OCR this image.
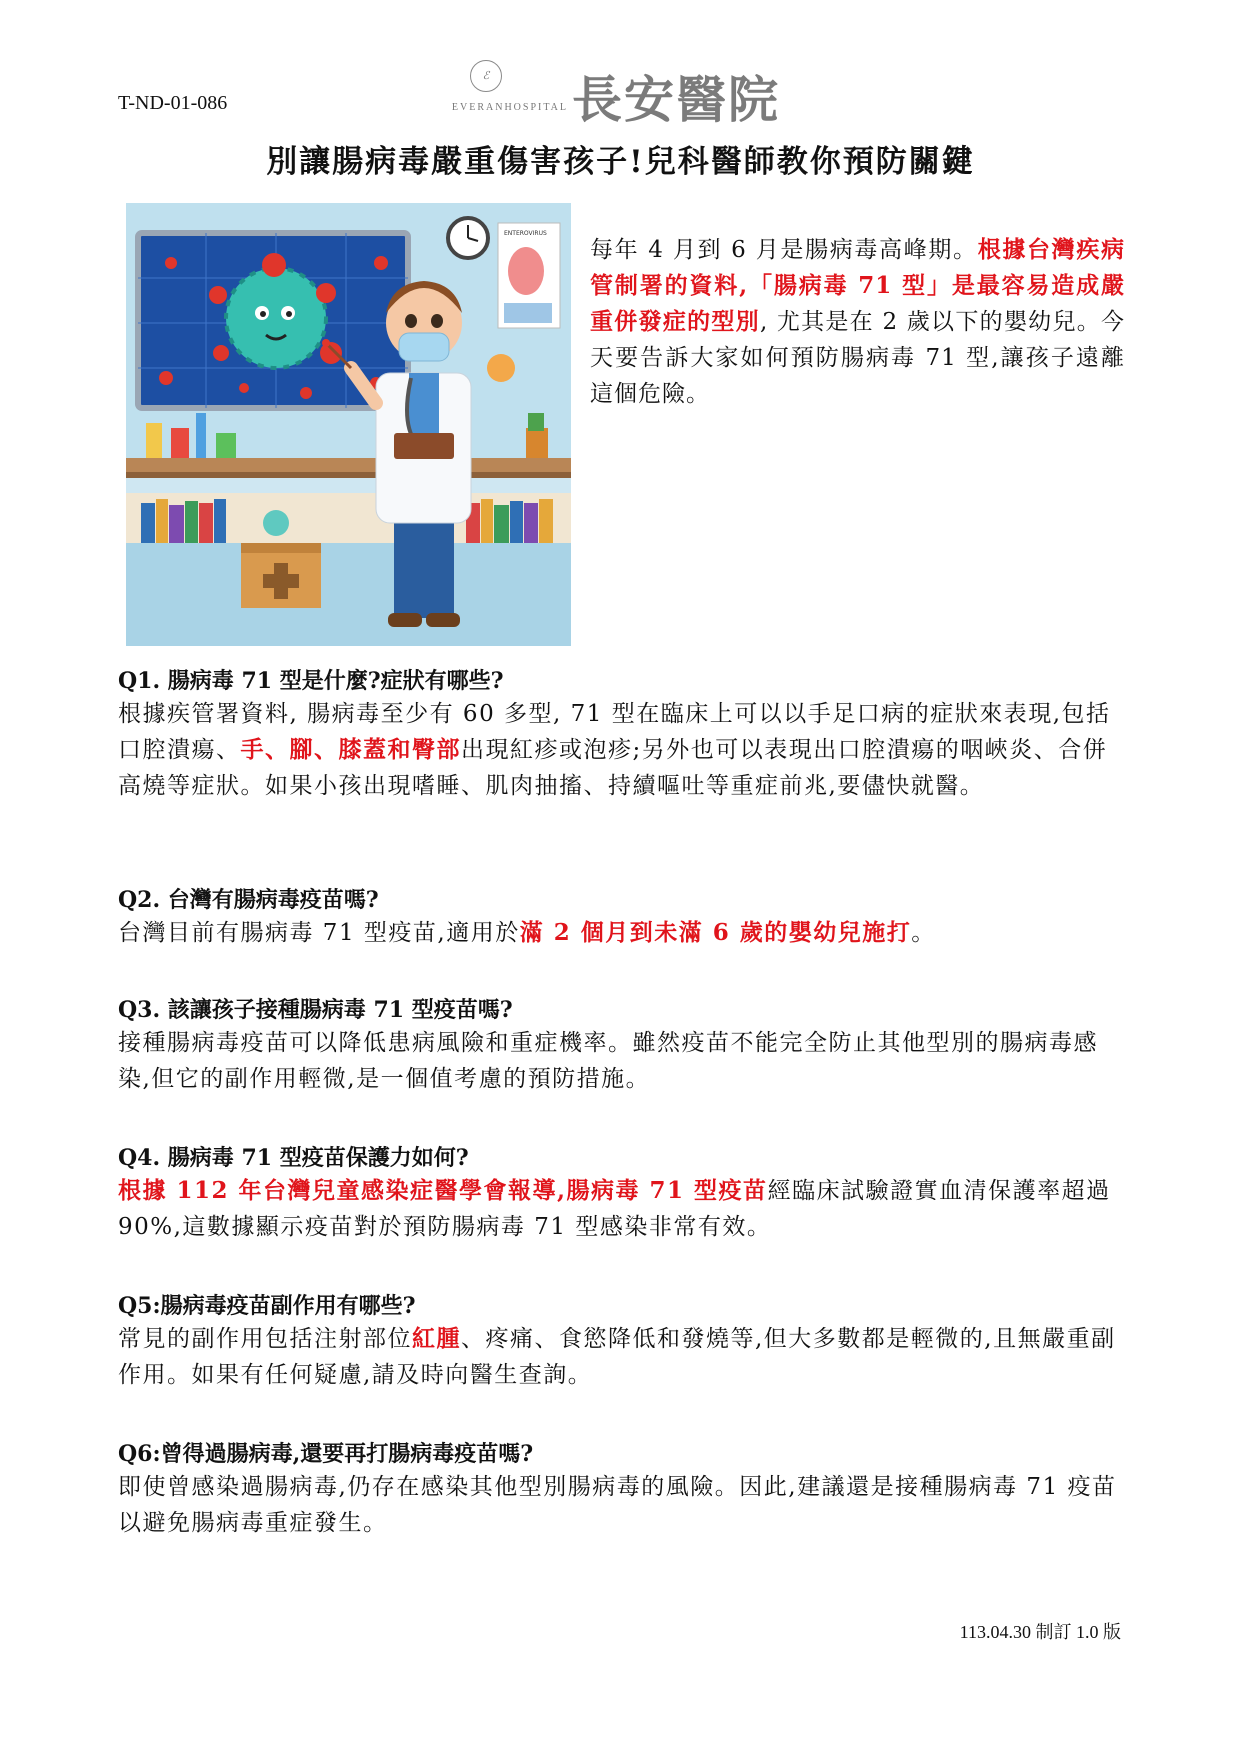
T-ND-01-086
ℰ
EVERANHOSPITAL 長安醫院
別讓腸病毒嚴重傷害孩子!兒科醫師教你預防關鍵
ENTEROVIRUS
每年 4 月到 6 月是腸病毒高峰期。根據台灣疾病管制署的資料,「腸病毒 71 型」是最容易造成嚴重併發症的型別, 尤其是在 2 歲以下的嬰幼兒。今天要告訴大家如何預防腸病毒 71 型,讓孩子遠離這個危險。
Q1. 腸病毒 71 型是什麼?症狀有哪些?

根據疾管署資料, 腸病毒至少有 60 多型, 71 型在臨床上可以以手足口病的症狀來表現,包括口腔潰瘍、手、腳、膝蓋和臀部出現紅疹或泡疹;另外也可以表現出口腔潰瘍的咽峽炎、合併高燒等症狀。如果小孩出現嗜睡、肌肉抽搐、持續嘔吐等重症前兆,要儘快就醫。

Q2. 台灣有腸病毒疫苗嗎?

台灣目前有腸病毒 71 型疫苗,適用於滿 2 個月到未滿 6 歲的嬰幼兒施打。

Q3. 該讓孩子接種腸病毒 71 型疫苗嗎?

接種腸病毒疫苗可以降低患病風險和重症機率。雖然疫苗不能完全防止其他型別的腸病毒感染,但它的副作用輕微,是一個值考慮的預防措施。

Q4. 腸病毒 71 型疫苗保護力如何?

根據 112 年台灣兒童感染症醫學會報導,腸病毒 71 型疫苗經臨床試驗證實血清保護率超過 90%,這數據顯示疫苗對於預防腸病毒 71 型感染非常有效。

Q5:腸病毒疫苗副作用有哪些?

常見的副作用包括注射部位紅腫、疼痛、食慾降低和發燒等,但大多數都是輕微的,且無嚴重副作用。如果有任何疑慮,請及時向醫生查詢。

Q6:曾得過腸病毒,還要再打腸病毒疫苗嗎?

即使曾感染過腸病毒,仍存在感染其他型別腸病毒的風險。因此,建議還是接種腸病毒 71 疫苗以避免腸病毒重症發生。

113.04.30 制訂 1.0 版
